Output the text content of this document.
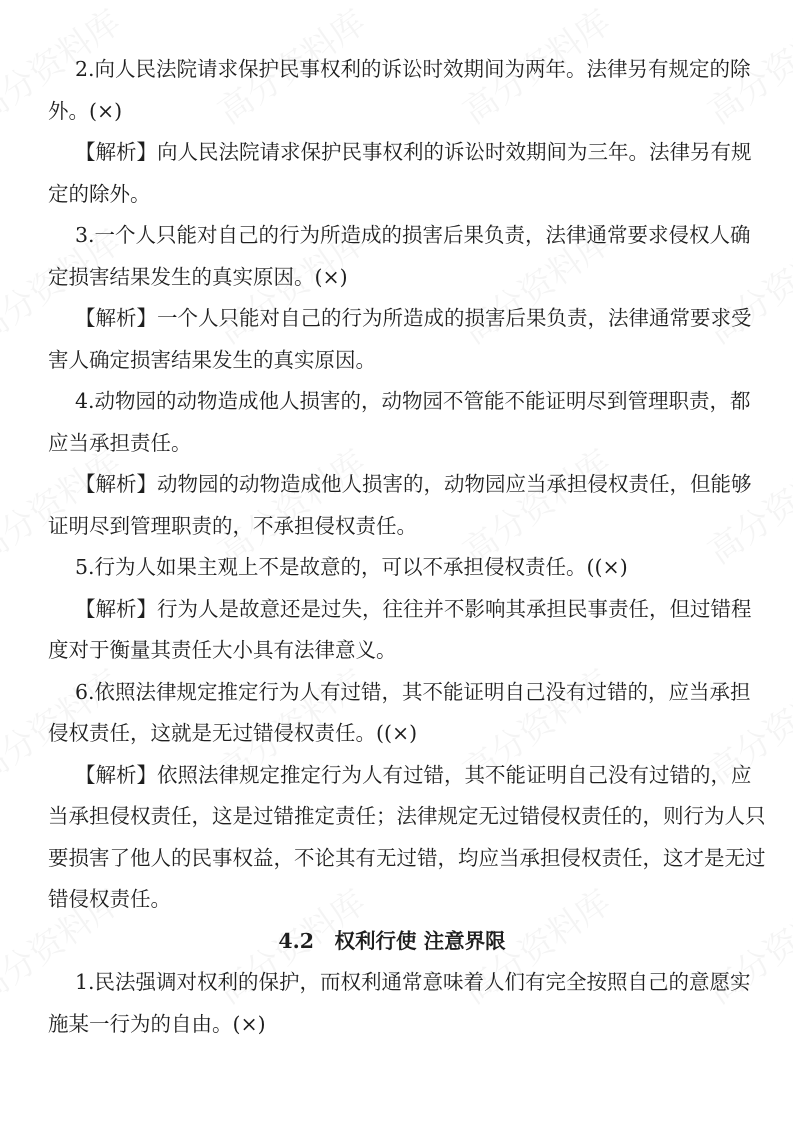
2.向人民法院请求保护民事权利的诉讼时效期间为两年。法律另有规定的除
外。(×)
【解析】向人民法院请求保护民事权利的诉讼时效期间为三年。法律另有规
定的除外。
3.一个人只能对自己的行为所造成的损害后果负责，法律通常要求侵权人确
定损害结果发生的真实原因。(×)
【解析】一个人只能对自己的行为所造成的损害后果负责，法律通常要求受
害人确定损害结果发生的真实原因。
4.动物园的动物造成他人损害的，动物园不管能不能证明尽到管理职责，都
应当承担责任。
【解析】动物园的动物造成他人损害的，动物园应当承担侵权责任，但能够
证明尽到管理职责的，不承担侵权责任。
5.行为人如果主观上不是故意的，可以不承担侵权责任。((×)
【解析】行为人是故意还是过失，往往并不影响其承担民事责任，但过错程
度对于衡量其责任大小具有法律意义。
6.依照法律规定推定行为人有过错，其不能证明自己没有过错的，应当承担
侵权责任，这就是无过错侵权责任。((×)
【解析】依照法律规定推定行为人有过错，其不能证明自己没有过错的，应
当承担侵权责任，这是过错推定责任；法律规定无过错侵权责任的，则行为人只
要损害了他人的民事权益，不论其有无过错，均应当承担侵权责任，这才是无过
错侵权责任。
4.2　权利行使 注意界限
1.民法强调对权利的保护，而权利通常意味着人们有完全按照自己的意愿实
施某一行为的自由。(×)
